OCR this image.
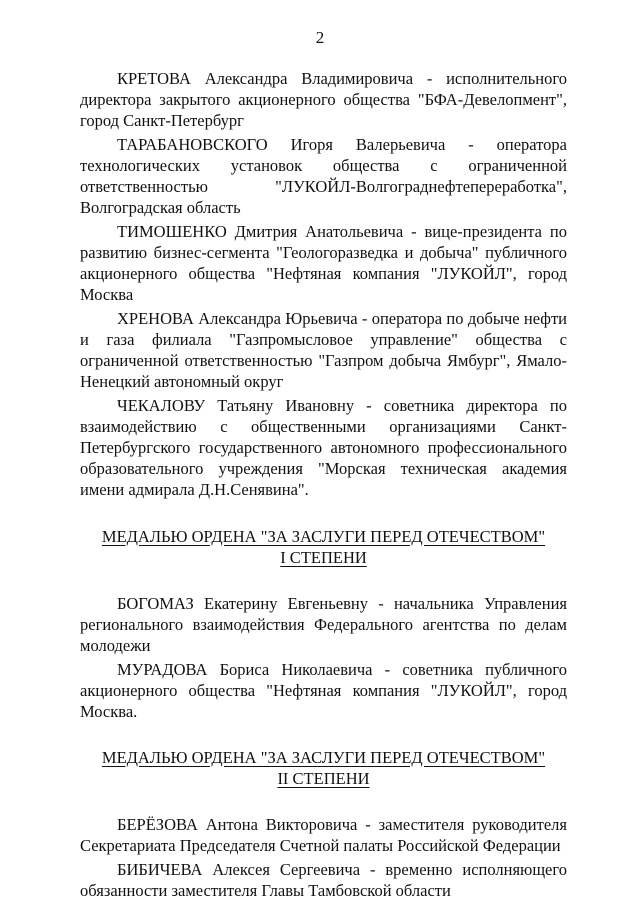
2

КРЕТОВА Александра Владимировича - исполнительного директора закрытого акционерного общества "БФА-Девелопмент", город Санкт-Петербург

ТАРАБАНОВСКОГО Игоря Валерьевича - оператора технологических установок общества с ограниченной ответственностью "ЛУКОЙЛ-Волгограднефтепереработка", Волгоградская область

ТИМОШЕНКО Дмитрия Анатольевича - вице-президента по развитию бизнес-сегмента "Геологоразведка и добыча" публичного акционерного общества "Нефтяная компания "ЛУКОЙЛ", город Москва

ХРЕНОВА Александра Юрьевича - оператора по добыче нефти и газа филиала "Газпромысловое управление" общества с ограниченной ответственностью "Газпром добыча Ямбург", Ямало-Ненецкий автономный округ

ЧЕКАЛОВУ Татьяну Ивановну - советника директора по взаимодействию с общественными организациями Санкт-Петербургского государственного автономного профессионального образовательного учреждения "Морская техническая академия имени адмирала Д.Н.Сенявина".

МЕДАЛЬЮ ОРДЕНА "ЗА ЗАСЛУГИ ПЕРЕД ОТЕЧЕСТВОМ"
I СТЕПЕНИ

БОГОМАЗ Екатерину Евгеньевну - начальника Управления регионального взаимодействия Федерального агентства по делам молодежи

МУРАДОВА Бориса Николаевича - советника публичного акционерного общества "Нефтяная компания "ЛУКОЙЛ", город Москва.

МЕДАЛЬЮ ОРДЕНА "ЗА ЗАСЛУГИ ПЕРЕД ОТЕЧЕСТВОМ"
II СТЕПЕНИ

БЕРЁЗОВА Антона Викторовича - заместителя руководителя Секретариата Председателя Счетной палаты Российской Федерации

БИБИЧЕВА Алексея Сергеевича - временно исполняющего обязанности заместителя Главы Тамбовской области
